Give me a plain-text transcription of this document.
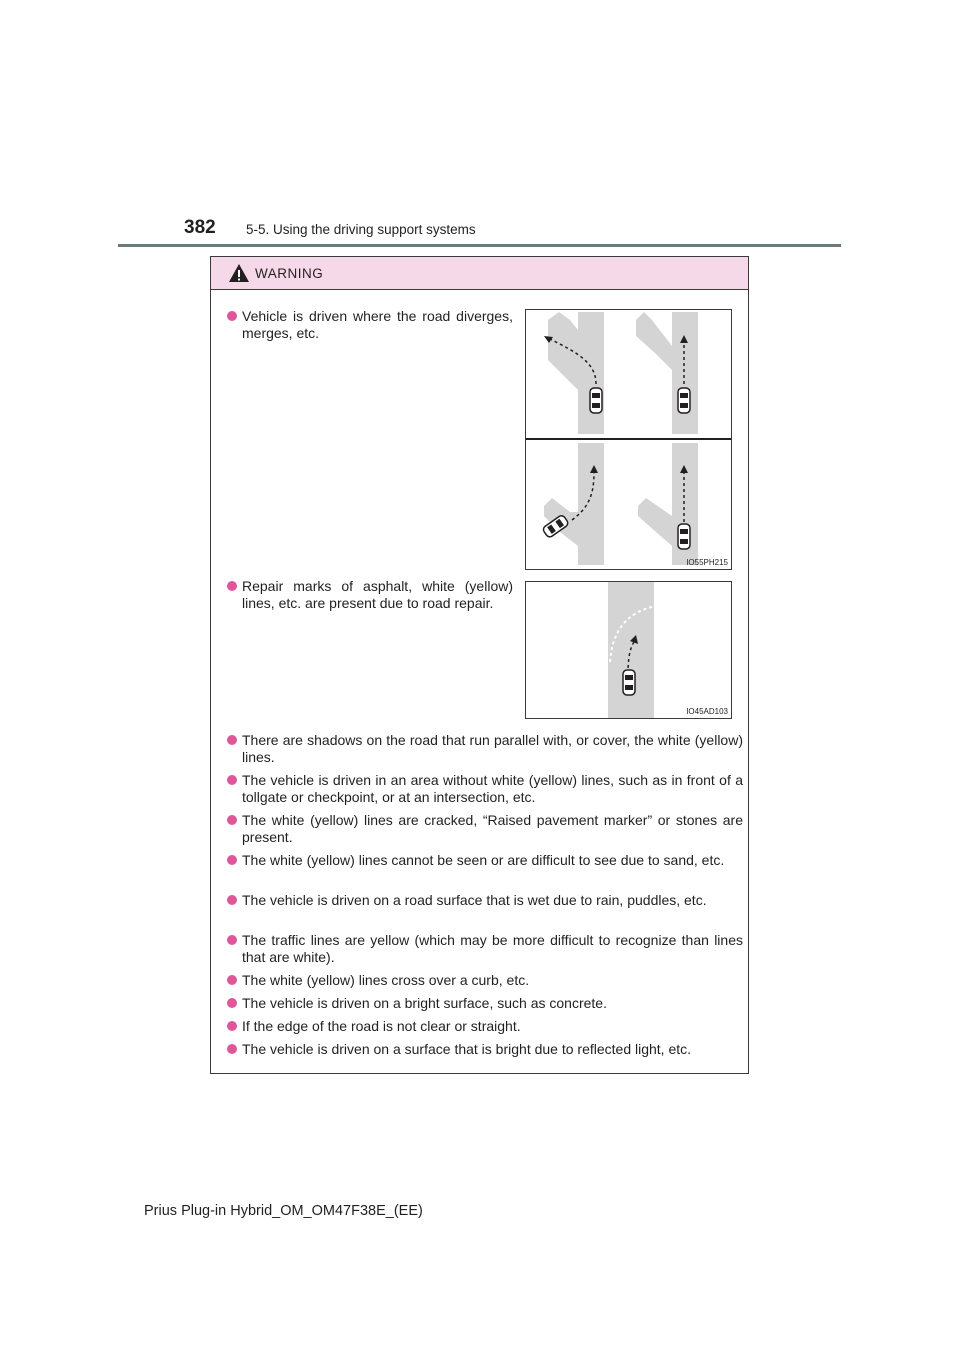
382 5-5. Using the driving support systems
WARNING
Vehicle is driven where the road diverges, merges, etc.
IO55PH215
Repair marks of asphalt, white (yellow) lines, etc. are present due to road repair.
IO45AD103
There are shadows on the road that run parallel with, or cover, the white (yellow) lines.
The vehicle is driven in an area without white (yellow) lines, such as in front of a tollgate or checkpoint, or at an intersection, etc.
The white (yellow) lines are cracked, “Raised pavement marker” or stones are present.
The white (yellow) lines cannot be seen or are difficult to see due to sand, etc.
The vehicle is driven on a road surface that is wet due to rain, puddles, etc.
The traffic lines are yellow (which may be more difficult to recognize than lines that are white).
The white (yellow) lines cross over a curb, etc.
The vehicle is driven on a bright surface, such as concrete.
If the edge of the road is not clear or straight.
The vehicle is driven on a surface that is bright due to reflected light, etc.
Prius Plug-in Hybrid_OM_OM47F38E_(EE)
